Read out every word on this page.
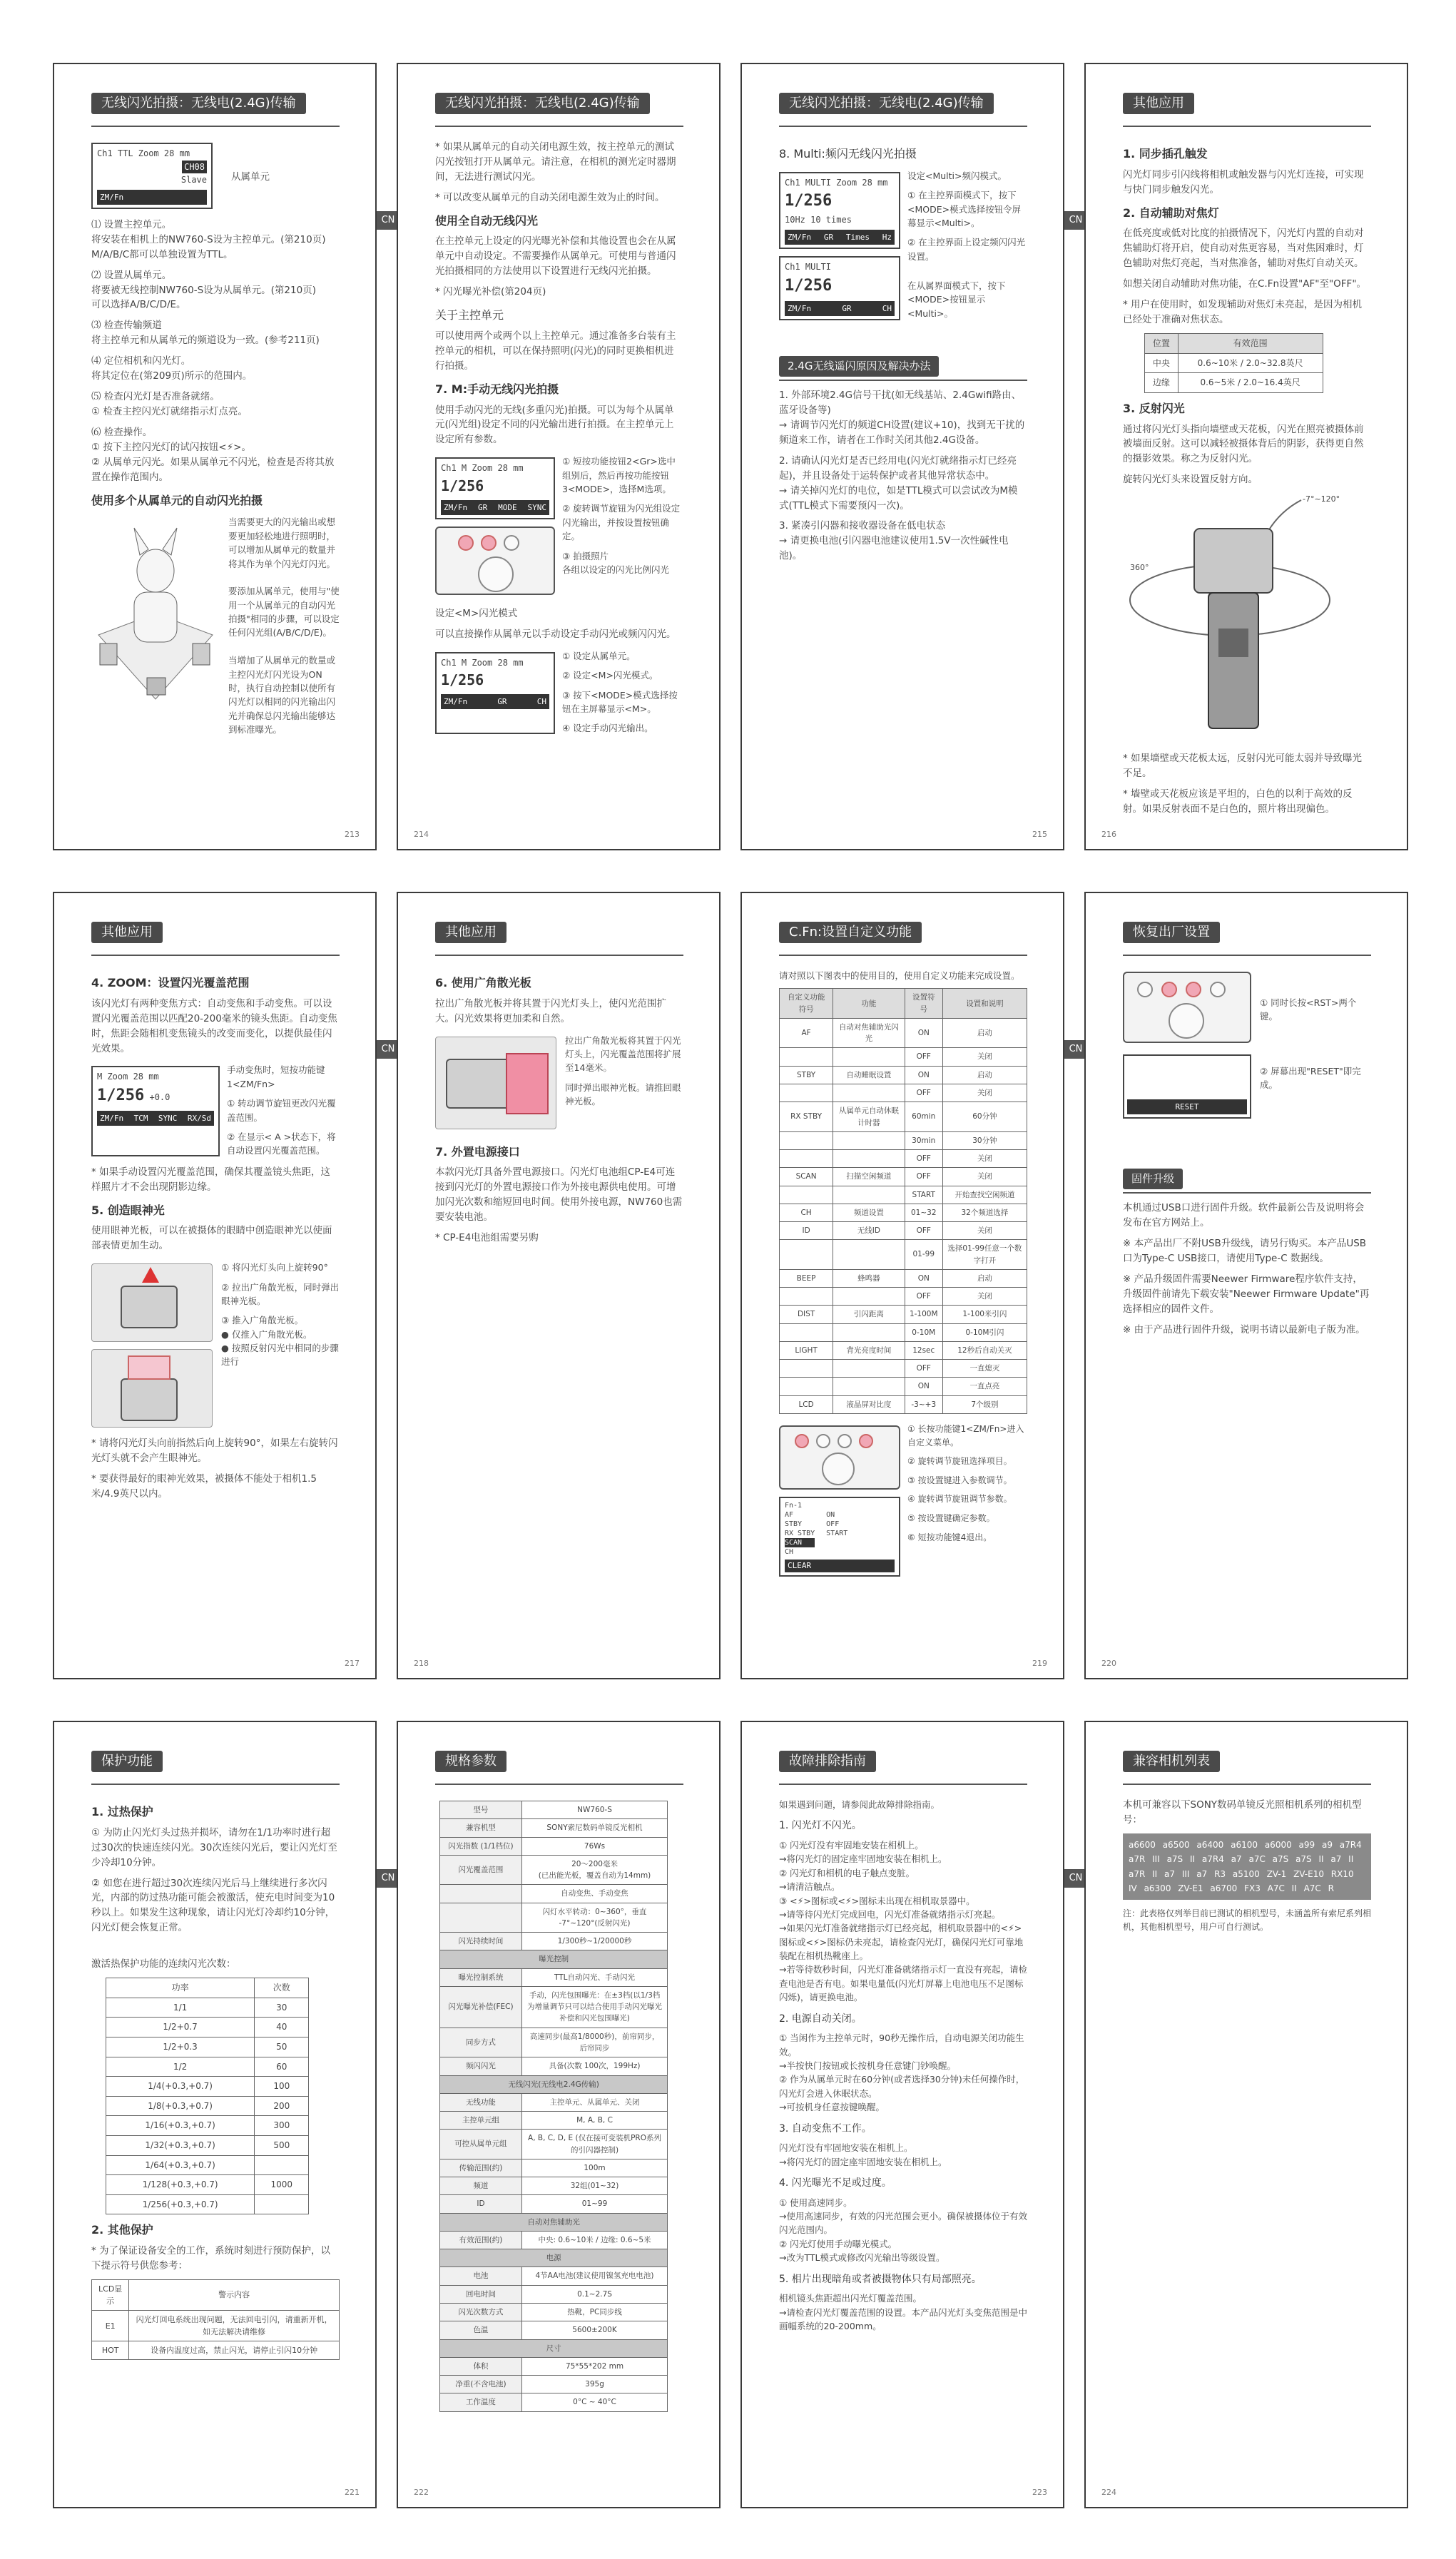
无线闪光拍摄：无线电(2.4G)传输
Ch1 TTL Zoom 28 mm
CH08
Slave
ZM/Fn
从属单元

⑴ 设置主控单元。
将安装在相机上的NW760-S设为主控单元。(第210页)
M/A/B/C都可以单独设置为TTL。

⑵ 设置从属单元。
将要被无线控制NW760-S设为从属单元。(第210页)
可以选择A/B/C/D/E。

⑶ 检查传输频道
将主控单元和从属单元的频道设为一致。(参考211页)

⑷ 定位相机和闪光灯。
将其定位在(第209页)所示的范围内。

⑸ 检查闪光灯是否准备就绪。
① 检查主控闪光灯就绪指示灯点亮。

⑹ 检查操作。
① 按下主控闪光灯的试闪按钮<⚡>。
② 从属单元闪光。如果从属单元不闪光，检查是否将其放置在操作范围内。

使用多个从属单元的自动闪光拍摄

当需要更大的闪光输出或想要更加轻松地进行照明时，可以增加从属单元的数量并将其作为单个闪光灯闪光。

要添加从属单元，使用与"使用一个从属单元的自动闪光拍摄"相同的步骤，可以设定任何闪光组(A/B/C/D/E)。

当增加了从属单元的数量或主控闪光灯闪光设为ON时，执行自动控制以使所有闪光灯以相同的闪光输出闪光并确保总闪光输出能够达到标准曝光。

213
CN
无线闪光拍摄：无线电(2.4G)传输

* 如果从属单元的自动关闭电源生效，按主控单元的测试闪光按钮打开从属单元。请注意，在相机的测光定时器期间，无法进行测试闪光。

* 可以改变从属单元的自动关闭电源生效为止的时间。

使用全自动无线闪光

在主控单元上设定的闪光曝光补偿和其他设置也会在从属单元中自动设定。不需要操作从属单元。可使用与普通闪光拍摄相同的方法使用以下设置进行无线闪光拍摄。

* 闪光曝光补偿(第204页)

关于主控单元

可以使用两个或两个以上主控单元。通过准备多台装有主控单元的相机，可以在保持照明(闪光)的同时更换相机进行拍摄。

7. M:手动无线闪光拍摄

使用手动闪光的无线(多重闪光)拍摄。可以为每个从属单元(闪光组)设定不同的闪光输出进行拍摄。在主控单元上设定所有参数。

Ch1 M Zoom 28 mm
1/256
ZM/Fn GR MODE SYNC

① 短按功能按钮2<Gr>选中组别后，然后再按功能按钮3<MODE>，选择M选项。

② 旋转调节旋钮为闪光组设定闪光输出，并按设置按钮确定。

③ 拍摄照片
各组以设定的闪光比例闪光

设定<M>闪光模式

可以直接操作从属单元以手动设定手动闪光或频闪闪光。

Ch1 M Zoom 28 mm
1/256
ZM/Fn	GR	CH

① 设定从属单元。

② 设定<M>闪光模式。

③ 按下<MODE>模式选择按钮在主屏幕显示<M>。

④ 设定手动闪光输出。

214
无线闪光拍摄：无线电(2.4G)传输
8. Multi:频闪无线闪光拍摄
Ch1 MULTI Zoom 28 mm
1/256
10Hz 10 times
ZM/Fn GR Times Hz
Ch1 MULTI
1/256
ZM/Fn	GR	CH

设定<Multi>频闪模式。

① 在主控界面模式下，按下<MODE>模式选择按钮令屏幕显示<Multi>。

② 在主控界面上设定频闪闪光设置。

在从属界面模式下，按下<MODE>按钮显示<Multi>。

2.4G无线遥闪原因及解决办法

1. 外部环境2.4G信号干扰(如无线基站、2.4Gwifi路由、蓝牙设备等)
→ 请调节闪光灯的频道CH设置(建议+10)，找到无干扰的频道来工作，请者在工作时关闭其他2.4G设备。

2. 请确认闪光灯是否已经用电(闪光灯就绪指示灯已经亮起)，并且设备处于运转保护或者其他异常状态中。
→ 请关掉闪光灯的电位，如是TTL模式可以尝试改为M模式(TTL模式下需要预闪一次)。

3. 紧凑引闪器和接收器设备在低电状态
→ 请更换电池(引闪器电池建议使用1.5V一次性碱性电池)。

215
CN
其他应用
1. 同步插孔触发

闪光灯同步引闪线将相机或触发器与闪光灯连接，可实现与快门同步触发闪光。

2. 自动辅助对焦灯

在低亮度或低对比度的拍摄情况下，闪光灯内置的自动对焦辅助灯将开启，使自动对焦更容易，当对焦困难时，灯色辅助对焦灯亮起，当对焦准备，辅助对焦灯自动关灭。

如想关闭自动辅助对焦功能，在C.Fn设置"AF"至"OFF"。

* 用户在使用时，如发现辅助对焦灯未亮起，是因为相机已经处于准确对焦状态。

位置	有效范围
中央	0.6~10米 / 2.0~32.8英尺
边缘	0.6~5米 / 2.0~16.4英尺
3. 反射闪光

通过将闪光灯头指向墙壁或天花板，闪光在照亮被摄体前被墙面反射。这可以减轻被摄体背后的阴影，获得更自然的摄影效果。称之为反射闪光。

旋转闪光灯头来设置反射方向。

-7°~120°
360°

* 如果墙壁或天花板太远，反射闪光可能太弱并导致曝光不足。

* 墙壁或天花板应该是平坦的，白色的以利于高效的反射。如果反射表面不是白色的，照片将出现偏色。

216
其他应用
4. ZOOM：设置闪光覆盖范围

该闪光灯有两种变焦方式：自动变焦和手动变焦。可以设置闪光覆盖范围以匹配20-200毫米的镜头焦距。自动变焦时，焦距会随相机变焦镜头的改变而变化，以提供最佳闪光效果。

M Zoom 28 mm
1/256 +0.0
ZM/Fn TCM SYNC RX/Sd

手动变焦时，短按功能键1<ZM/Fn>

① 转动调节旋钮更改闪光覆盖范围。

② 在显示< A >状态下，将自动设置闪光覆盖范围。

* 如果手动设置闪光覆盖范围，确保其覆盖镜头焦距，这样照片才不会出现阴影边缘。

5. 创造眼神光

使用眼神光板，可以在被摄体的眼睛中创造眼神光以使面部表情更加生动。

① 将闪光灯头向上旋转90°

② 拉出广角散光板，同时弹出眼神光板。

③ 推入广角散光板。
● 仅推入广角散光板。
● 按照反射闪光中相同的步骤进行

* 请将闪光灯头向前指然后向上旋转90°，如果左右旋转闪光灯头就不会产生眼神光。

* 要获得最好的眼神光效果，被摄体不能处于相机1.5米/4.9英尺以内。

217
CN
其他应用
6. 使用广角散光板

拉出广角散光板并将其置于闪光灯头上，使闪光范围扩大。闪光效果将更加柔和自然。

拉出广角散光板将其置于闪光灯头上，闪光覆盖范围将扩展至14毫米。

同时弹出眼神光板。请推回眼神光板。

7. 外置电源接口

本款闪光灯具备外置电源接口。闪光灯电池组CP-E4可连接到闪光灯的外置电源接口作为外接电源供电使用。可增加闪光次数和缩短回电时间。使用外接电源，NW760也需要安装电池。

* CP-E4电池组需要另购

218
C.Fn:设置自定义功能

请对照以下图表中的使用目的，使用自定义功能来完成设置。

自定义功能符号	功能	设置符号	设置和说明
AF	自动对焦辅助光闪光	ON	启动
		OFF	关闭
STBY	自动睡眠设置	ON	启动
		OFF	关闭
RX STBY	从属单元自动休眠计时器	60min	60分钟
		30min	30分钟
		OFF	关闭
SCAN	扫描空闲频道	OFF	关闭
		START	开始查找空闲频道
CH	频道设置	01~32	32个频道选择
ID	无线ID	OFF	关闭
		01-99	选择01-99任意一个数字打开
BEEP	蜂鸣器	ON	启动
		OFF	关闭
DIST	引闪距离	1-100M	1-100米引闪
		0-10M	0-10M引闪
LIGHT	背光亮度时间	12sec	12秒后自动关灭
		OFF	一直熄灭
		ON	一直点亮
LCD	液晶屏对比度	-3~+3	7个级别
Fn-1
AF
STBY
RX STBY
SCAN
CH
ON
OFF
START
CLEAR

① 长按功能键1<ZM/Fn>进入自定义菜单。

② 旋转调节旋钮选择项目。

③ 按设置键进入参数调节。

④ 旋转调节旋钮调节参数。

⑤ 按设置键确定参数。

⑥ 短按功能键4退出。

219
CN
恢复出厂设置

① 同时长按<RST>两个键。

RESET

② 屏幕出现"RESET"即完成。

固件升级

本机通过USB口进行固件升级。软件最新公告及说明将会发布在官方网站上。

※ 本产品出厂不附USB升级线，请另行购买。本产品USB口为Type-C USB接口，请使用Type-C 数据线。

※ 产品升级固件需要Neewer Firmware程序软件支持，升级固件前请先下载安装"Neewer Firmware Update"再选择相应的固件文件。

※ 由于产品进行固件升级，说明书请以最新电子版为准。

220
保护功能
1. 过热保护

① 为防止闪光灯头过热并损坏，请勿在1/1功率时进行超过30次的快速连续闪光。30次连续闪光后，要让闪光灯至少冷却10分钟。

② 如您在进行超过30次连续闪光后马上继续进行多次闪光，内部的防过热功能可能会被激活，使充电时间变为10秒以上。如果发生这种现象，请让闪光灯冷却约10分钟，闪光灯便会恢复正常。

激活热保护功能的连续闪光次数：

功率	次数
1/1	30
1/2+0.7	40
1/2+0.3	50
1/2	60
1/4(+0.3,+0.7)	100
1/8(+0.3,+0.7)	200
1/16(+0.3,+0.7)	300
1/32(+0.3,+0.7)	500
1/64(+0.3,+0.7)	
1/128(+0.3,+0.7)	1000
1/256(+0.3,+0.7)	
2. 其他保护

* 为了保证设备安全的工作，系统时刻进行预防保护，以下提示符号供您参考：

LCD显示	警示内容
E1	闪光灯回电系统出现问题，无法回电引闪，请重新开机，如无法解决请维修
HOT	设备内温度过高，禁止闪光，请停止引闪10分钟
221
CN
规格参数
型号	NW760-S
兼容机型	SONY索尼数码单镜反光相机
闪光指数 (1/1档位)	76Ws
闪光覆盖范围	20～200毫米
(已出能光板，覆盖自动为14mm)
	自动变焦、手动变焦
	闪灯水平转动：0~360°，垂直 -7°~120°(反射闪光)
闪光持续时间	1/300秒~1/20000秒
曝光控制	
曝光控制系统	TTL自动闪光、手动闪光
闪光曝光补偿(FEC)	手动，闪光包围曝光：在±3档(以1/3档为增量调节只可以结合使用手动闪光曝光补偿和闪光包围曝光)
同步方式	高速同步(最高1/8000秒)，前帘同步，后帘同步
频闪闪光	具备(次数 100次，199Hz)
无线闪光(无线电2.4G传输)	
无线功能	主控单元、从属单元、关闭
主控单元组	M, A, B, C
可控从属单元组	A, B, C, D, E (仅在接可变装机PRO系列的引闪器控制)
传输范围(约)	100m
频道	32组(01~32)
ID	01~99
自动对焦辅助光	
有效范围(约)	中央: 0.6~10米 / 边缘: 0.6~5米
电源	
电池	4节AA电池(建议使用镍氢充电电池)
回电时间	0.1~2.7S
闪光次数方式	热靴，PC同步线
色温	5600±200K
尺寸	
体积	75*55*202 mm
净重(不含电池)	395g
工作温度	0°C ~ 40°C
222
故障排除指南

如果遇到问题，请参阅此故障排除指南。

1. 闪光灯不闪光。

① 闪光灯没有牢固地安装在相机上。
→将闪光灯的固定座牢固地安装在相机上。
② 闪光灯和相机的电子触点变脏。
→请清洁触点。
③ <⚡>图标或<⚡>图标未出现在相机取景器中。
→请等待闪光灯完成回电，闪光灯准备就绪指示灯亮起。
→如果闪光灯准备就绪指示灯已经亮起，相机取景器中的<⚡>图标或<⚡>图标仍未亮起，请检查闪光灯，确保闪光灯可靠地装配在相机热靴座上。
→若等待数秒时间，闪光灯准备就绪指示灯一直没有亮起，请检查电池是否有电。如果电量低(闪光灯屏幕上电池电压不足图标闪烁)，请更换电池。

2. 电源自动关闭。

① 当闲作为主控单元时，90秒无操作后，自动电源关闭功能生效。
→半按快门按钮或长按机身任意键门钞唤醒。
② 作为从属单元时在60分钟(或者选择30分钟)未任何操作时，闪光灯会进入休眠状态。
→可按机身任意按键唤醒。

3. 自动变焦不工作。

闪光灯没有牢固地安装在相机上。
→将闪光灯的固定座牢固地安装在相机上。

4. 闪光曝光不足或过度。

① 使用高速同步。
→使用高速同步，有效的闪光范围会更小。确保被摄体位于有效闪光范围内。
② 闪光灯使用手动曝光模式。
→改为TTL模式或修改闪光输出等级设置。

5. 相片出现暗角或者被摄物体只有局部照亮。

相机镜头焦距超出闪光灯覆盖范围。
→请检查闪光灯覆盖范围的设置。本产品闪光灯头变焦范围是中画幅系统的20-200mm。

223
CN
兼容相机列表

本机可兼容以下SONY数码单镜反光照相机系列的相机型号：

a6600 a6500 a6400 a6100 a6000 a99 a9 a7R4 a7R III a7S II a7R4 a7 a7C a7S a7S II a7 II a7R II a7 III a7 R3 a5100 ZV-1 ZV-E10 RX10 IV a6300 ZV-E1 a6700 FX3 A7C II A7C R

注：此表格仅列举目前已测试的相机型号，未涵盖所有索尼系列相机，其他相机型号，用户可自行测试。

224
